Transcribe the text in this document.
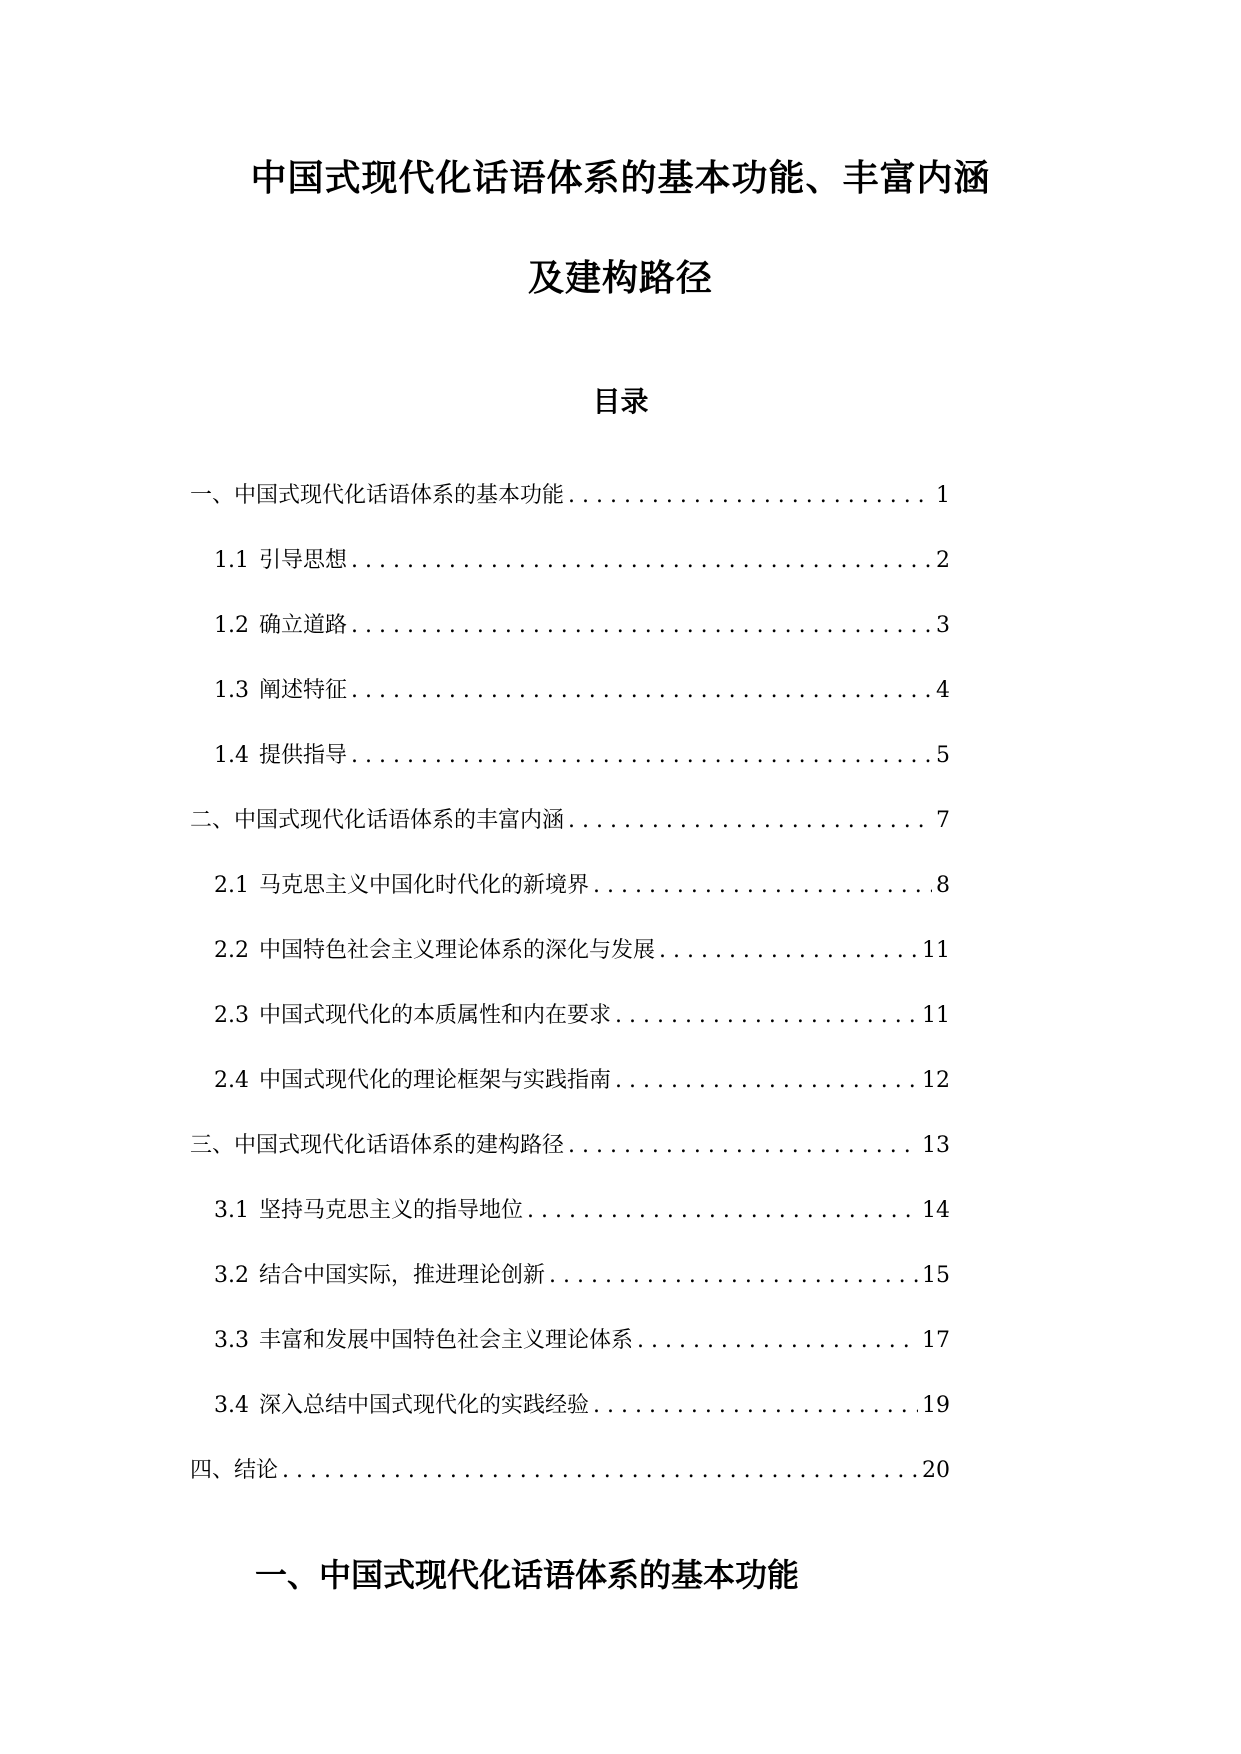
中国式现代化话语体系的基本功能、丰富内涵
及建构路径
目录
一、中国式现代化话语体系的基本功能 . . .	1
1.1 引导思想 . . .	2
1.2 确立道路 . . .	3
1.3 阐述特征 . . .	4
1.4 提供指导 . . .	5
二、中国式现代化话语体系的丰富内涵 . . .	7
2.1 马克思主义中国化时代化的新境界 . . .	8
2.2 中国特色社会主义理论体系的深化与发展 . . .	11
2.3 中国式现代化的本质属性和内在要求 . . .	11
2.4 中国式现代化的理论框架与实践指南 . . .	12
三、中国式现代化话语体系的建构路径 . . .	13
3.1 坚持马克思主义的指导地位 . . .	14
3.2 结合中国实际，推进理论创新 . . .	15
3.3 丰富和发展中国特色社会主义理论体系 . . .	17
3.4 深入总结中国式现代化的实践经验 . . .	19
四、结论 . . .	20
一、中国式现代化话语体系的基本功能
